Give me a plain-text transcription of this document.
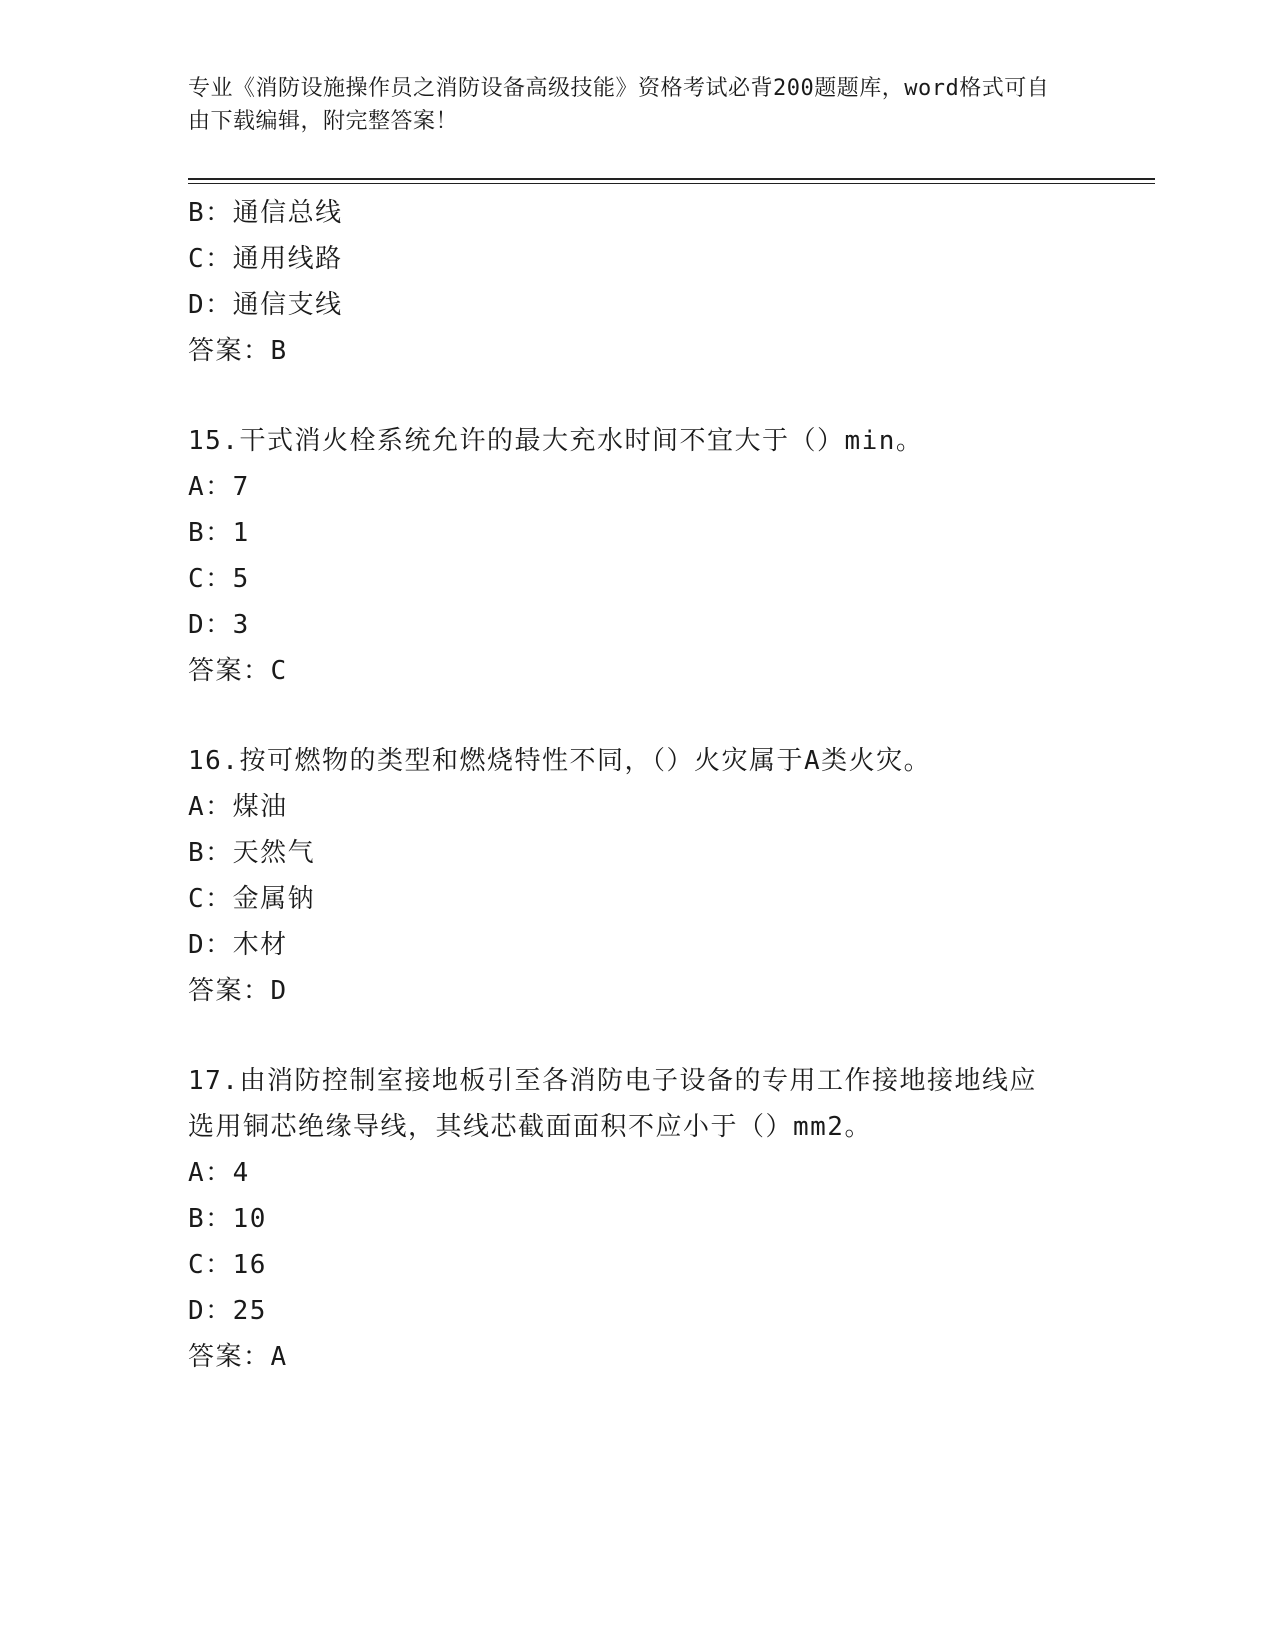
专业《消防设施操作员之消防设备高级技能》资格考试必背200题题库，word格式可自由下载编辑，附完整答案！
B：通信总线
C：通用线路
D：通信支线
答案：B
15.干式消火栓系统允许的最大充水时间不宜大于（）min。
A：7
B：1
C：5
D：3
答案：C
16.按可燃物的类型和燃烧特性不同，（）火灾属于A类火灾。
A：煤油
B：天然气
C：金属钠
D：木材
答案：D
17.由消防控制室接地板引至各消防电子设备的专用工作接地接地线应
选用铜芯绝缘导线，其线芯截面面积不应小于（）mm2。
A：4
B：10
C：16
D：25
答案：A
